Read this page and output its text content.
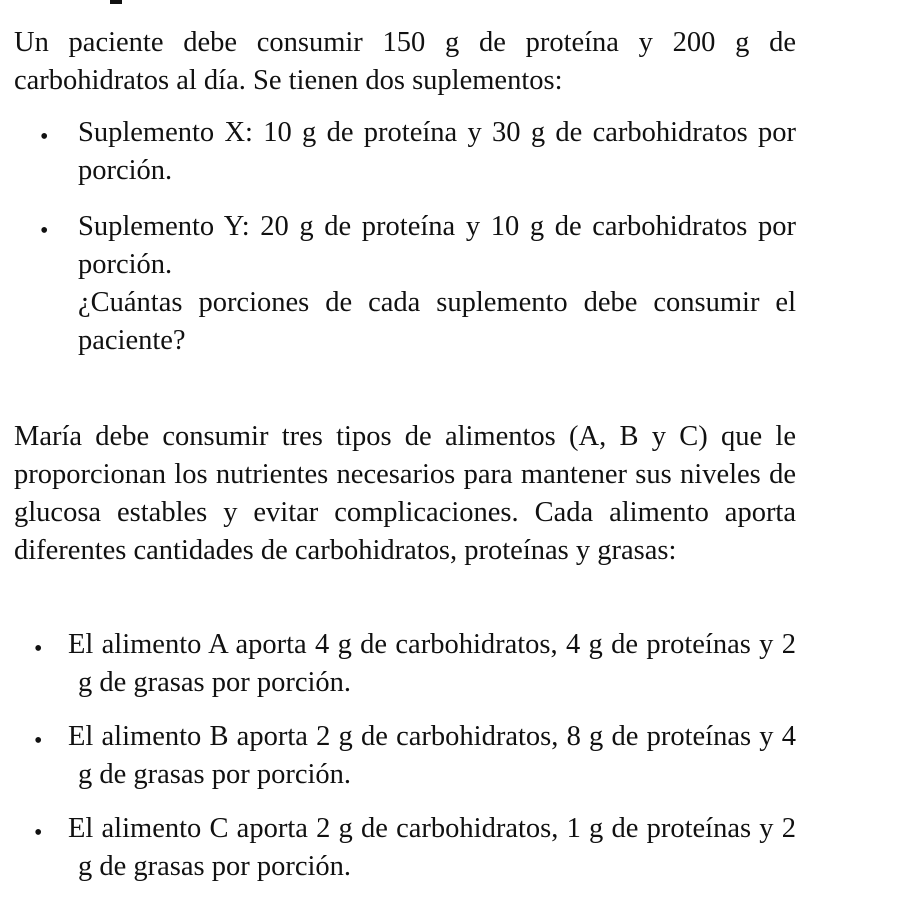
Un paciente debe consumir 150 g de proteína y 200 g de carbohidratos al día. Se tienen dos suplementos:
• Suplemento X: 10 g de proteína y 30 g de carbohidratos por porción.
• Suplemento Y: 20 g de proteína y 10 g de carbohidratos por porción.
¿Cuántas porciones de cada suplemento debe consumir el paciente?
María debe consumir tres tipos de alimentos (A, B y C) que le proporcionan los nutrientes necesarios para mantener sus niveles de glucosa estables y evitar complicaciones. Cada alimento aporta diferentes cantidades de carbohidratos, proteínas y grasas:
• El alimento A aporta 4 g de carbohidratos, 4 g de proteínas y 2 g de grasas por porción.
• El alimento B aporta 2 g de carbohidratos, 8 g de proteínas y 4 g de grasas por porción.
• El alimento C aporta 2 g de carbohidratos, 1 g de proteínas y 2 g de grasas por porción.
